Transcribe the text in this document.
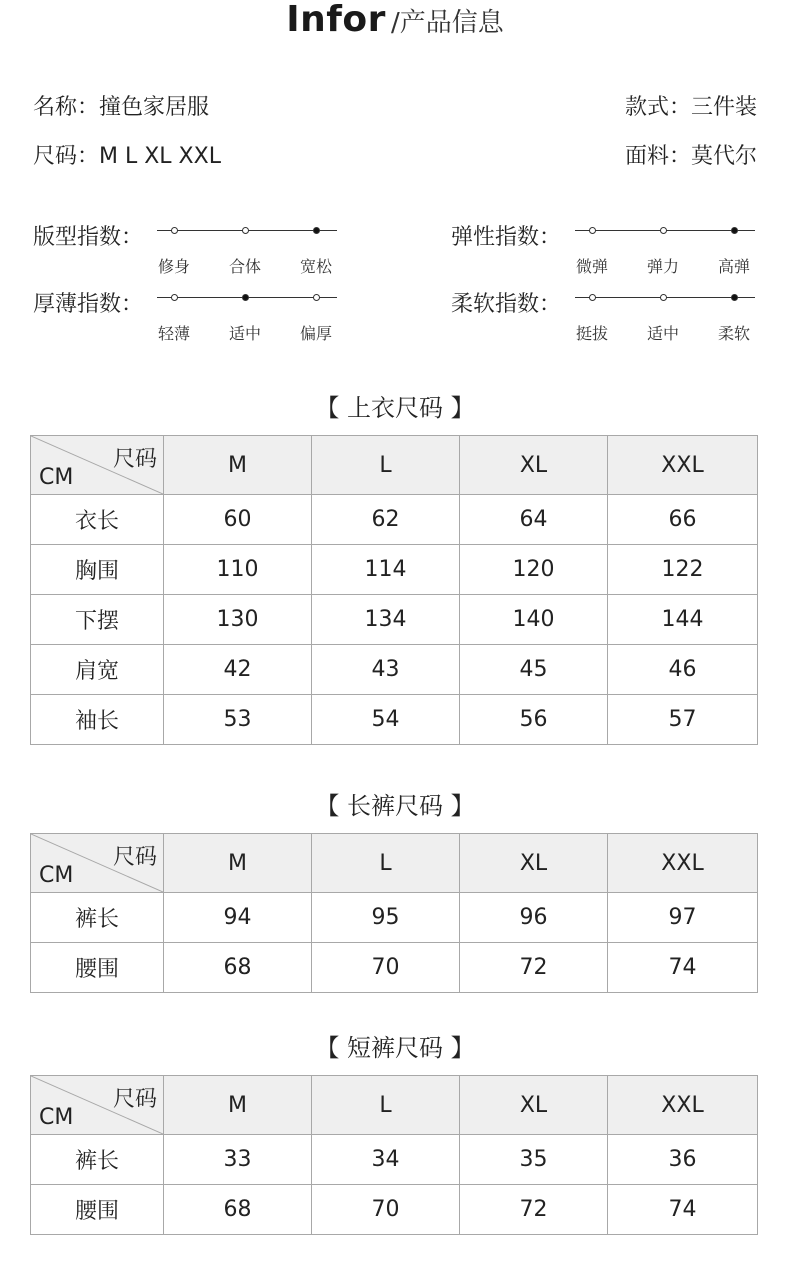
Infor /产品信息
名称：撞色家居服	款式：三件装
尺码：M L XL XXL	面料：莫代尔
版型指数：
修身	合体	宽松
弹性指数：
微弹	弹力	高弹
厚薄指数：
轻薄	适中	偏厚
柔软指数：
挺拔	适中	柔软
【 上衣尺码 】
尺码
CM	M	L	XL	XXL
衣长	60	62	64	66
胸围	110	114	120	122
下摆	130	134	140	144
肩宽	42	43	45	46
袖长	53	54	56	57
【 长裤尺码 】
尺码
CM	M	L	XL	XXL
裤长	94	95	96	97
腰围	68	70	72	74
【 短裤尺码 】
尺码
CM	M	L	XL	XXL
裤长	33	34	35	36
腰围	68	70	72	74
